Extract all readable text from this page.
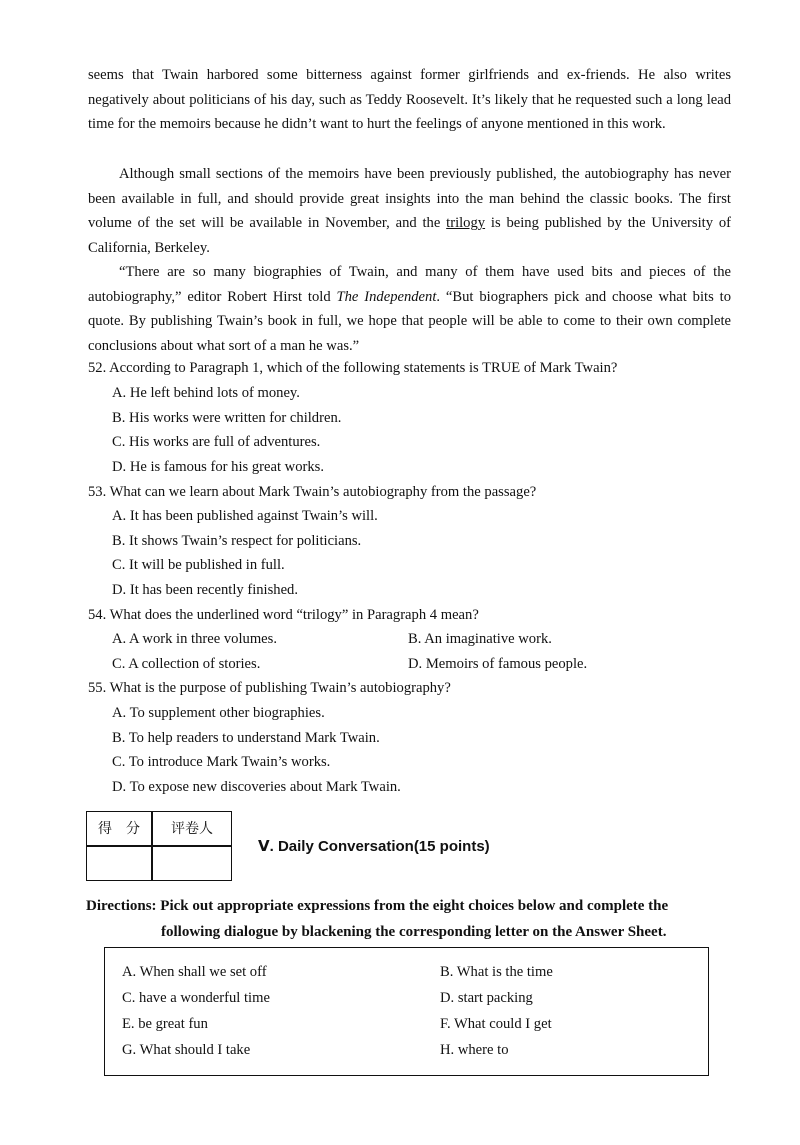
seems that Twain harbored some bitterness against former girlfriends and ex-friends. He also writes negatively about politicians of his day, such as Teddy Roosevelt. It’s likely that he requested such a long lead time for the memoirs because he didn’t want to hurt the feelings of anyone mentioned in this work.
Although small sections of the memoirs have been previously published, the autobiography has never been available in full, and should provide great insights into the man behind the classic books. The first volume of the set will be available in November, and the trilogy is being published by the University of California, Berkeley.
“There are so many biographies of Twain, and many of them have used bits and pieces of the autobiography,” editor Robert Hirst told The Independent. “But biographers pick and choose what bits to quote. By publishing Twain’s book in full, we hope that people will be able to come to their own complete conclusions about what sort of a man he was.”
52. According to Paragraph 1, which of the following statements is TRUE of Mark Twain?
A. He left behind lots of money.
B. His works were written for children.
C. His works are full of adventures.
D. He is famous for his great works.
53. What can we learn about Mark Twain’s autobiography from the passage?
A. It has been published against Twain’s will.
B. It shows Twain’s respect for politicians.
C. It will be published in full.
D. It has been recently finished.
54. What does the underlined word “trilogy” in Paragraph 4 mean?
A. A work in three volumes.	B. An imaginative work.
C. A collection of stories.	D. Memoirs of famous people.
55. What is the purpose of publishing Twain’s autobiography?
A. To supplement other biographies.
B. To help readers to understand Mark Twain.
C. To introduce Mark Twain’s works.
D. To expose new discoveries about Mark Twain.
得　分	评卷人
Ⅴ. Daily Conversation(15 points)
Directions: Pick out appropriate expressions from the eight choices below and complete the
following dialogue by blackening the corresponding letter on the Answer Sheet.
A. When shall we set off	B. What is the time
C. have a wonderful time	D. start packing
E. be great fun	F. What could I get
G. What should I take	H. where to
